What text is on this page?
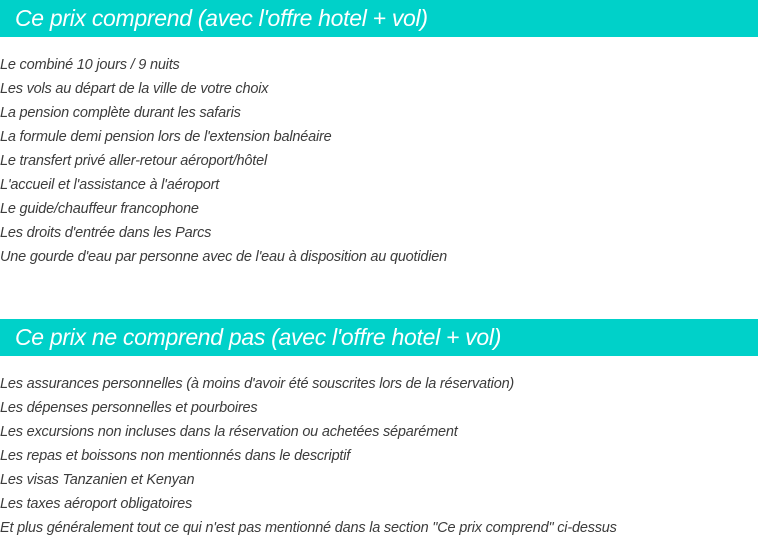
Ce prix comprend (avec l'offre hotel + vol)
Le combiné 10 jours / 9 nuits
Les vols au départ de la ville de votre choix
La pension complète durant les safaris
La formule demi pension lors de l'extension balnéaire
Le transfert privé aller-retour aéroport/hôtel
L'accueil et l'assistance à l'aéroport
Le guide/chauffeur francophone
Les droits d'entrée dans les Parcs
Une gourde d'eau par personne avec de l'eau à disposition au quotidien
Ce prix ne comprend pas (avec l'offre hotel + vol)
Les assurances personnelles (à moins d'avoir été souscrites lors de la réservation)
Les dépenses personnelles et pourboires
Les excursions non incluses dans la réservation ou achetées séparément
Les repas et boissons non mentionnés dans le descriptif
Les visas Tanzanien et Kenyan
Les taxes aéroport obligatoires
Et plus généralement tout ce qui n'est pas mentionné dans la section "Ce prix comprend" ci-dessus
